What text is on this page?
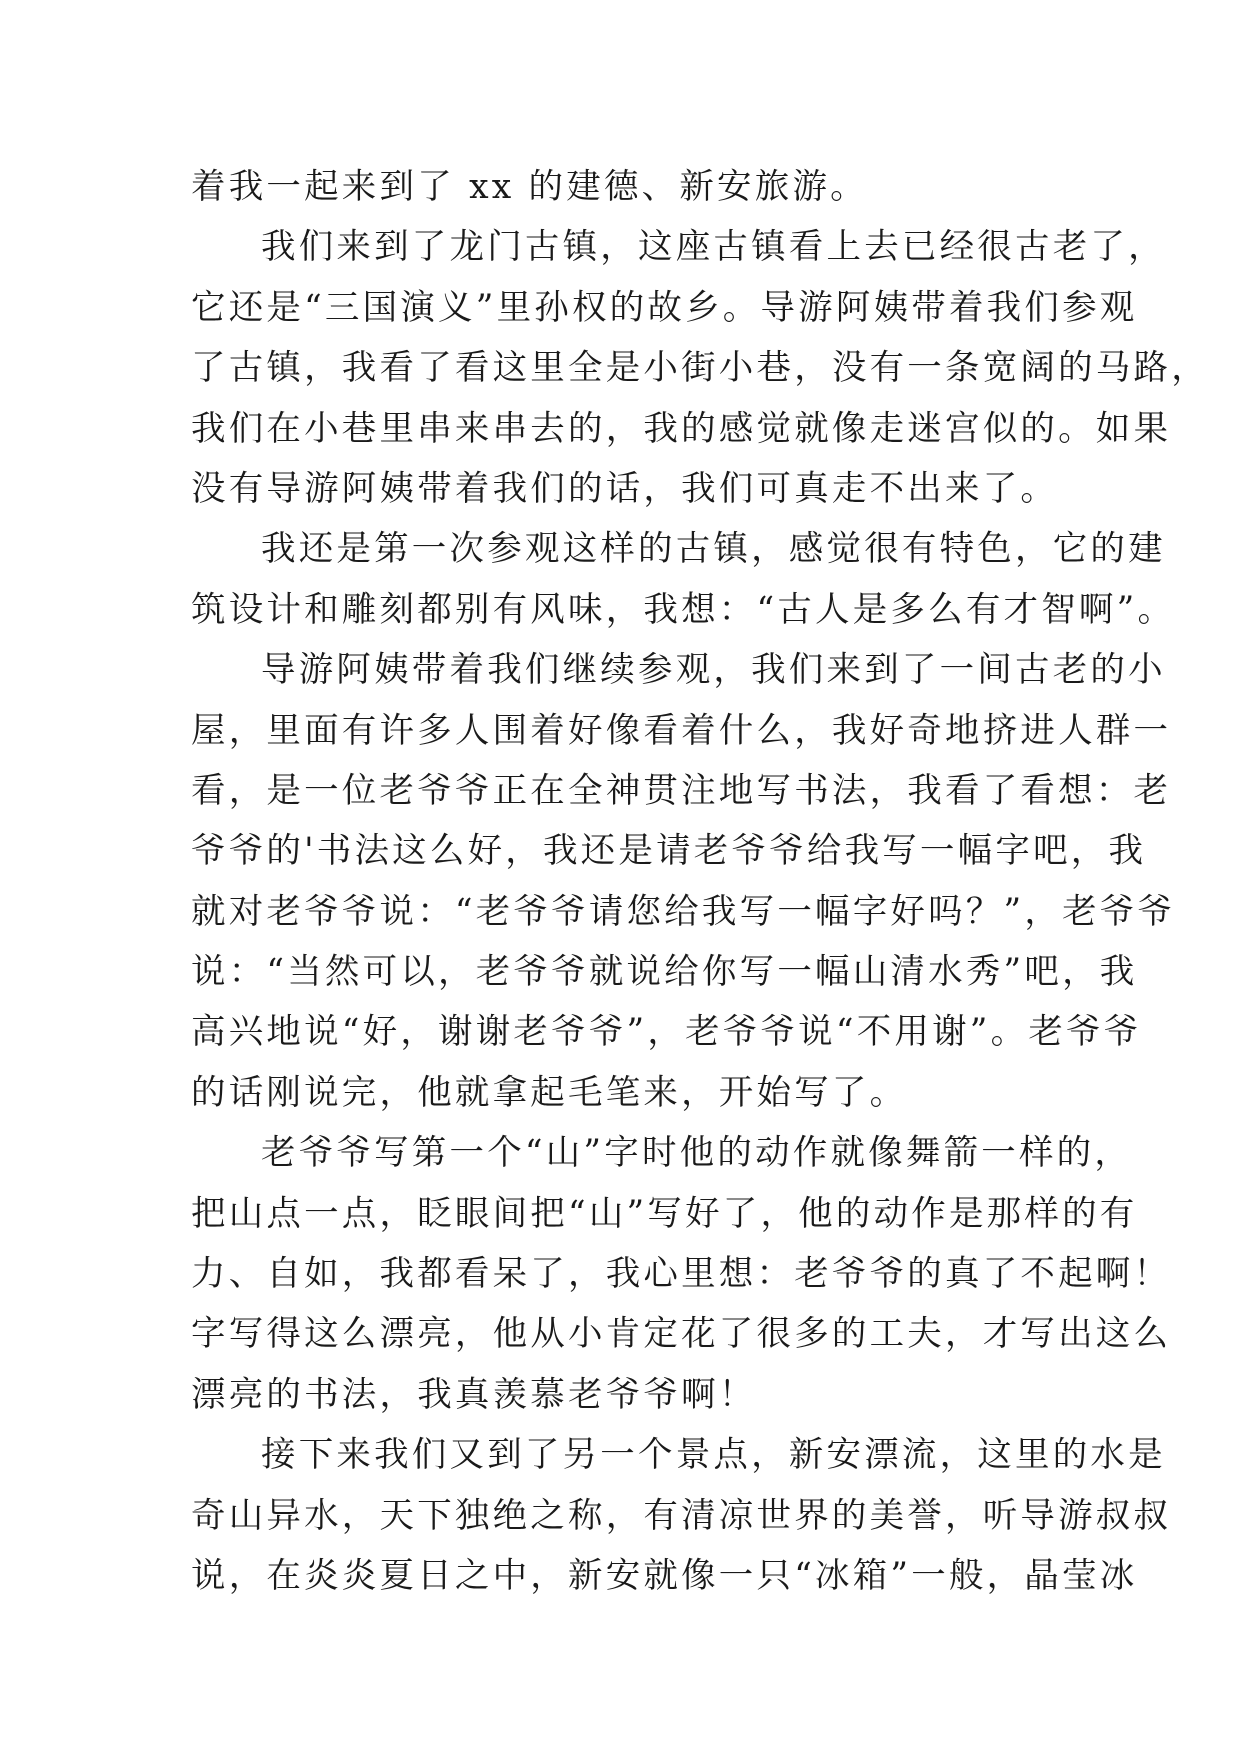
着我一起来到了 xx 的建德、新安旅游。
我们来到了龙门古镇，这座古镇看上去已经很古老了，
它还是“三国演义”里孙权的故乡。导游阿姨带着我们参观
了古镇，我看了看这里全是小街小巷，没有一条宽阔的马路，
我们在小巷里串来串去的，我的感觉就像走迷宫似的。如果
没有导游阿姨带着我们的话，我们可真走不出来了。
我还是第一次参观这样的古镇，感觉很有特色，它的建
筑设计和雕刻都别有风味，我想：“古人是多么有才智啊”。
导游阿姨带着我们继续参观，我们来到了一间古老的小
屋，里面有许多人围着好像看着什么，我好奇地挤进人群一
看，是一位老爷爷正在全神贯注地写书法，我看了看想：老
爷爷的'书法这么好，我还是请老爷爷给我写一幅字吧，我
就对老爷爷说：“老爷爷请您给我写一幅字好吗？”，老爷爷
说：“当然可以，老爷爷就说给你写一幅山清水秀”吧，我
高兴地说“好，谢谢老爷爷”，老爷爷说“不用谢”。老爷爷
的话刚说完，他就拿起毛笔来，开始写了。
老爷爷写第一个“山”字时他的动作就像舞箭一样的，
把山点一点，眨眼间把“山”写好了，他的动作是那样的有
力、自如，我都看呆了，我心里想：老爷爷的真了不起啊！
字写得这么漂亮，他从小肯定花了很多的工夫，才写出这么
漂亮的书法，我真羡慕老爷爷啊！
接下来我们又到了另一个景点，新安漂流，这里的水是
奇山异水，天下独绝之称，有清凉世界的美誉，听导游叔叔
说，在炎炎夏日之中，新安就像一只“冰箱”一般，晶莹冰
